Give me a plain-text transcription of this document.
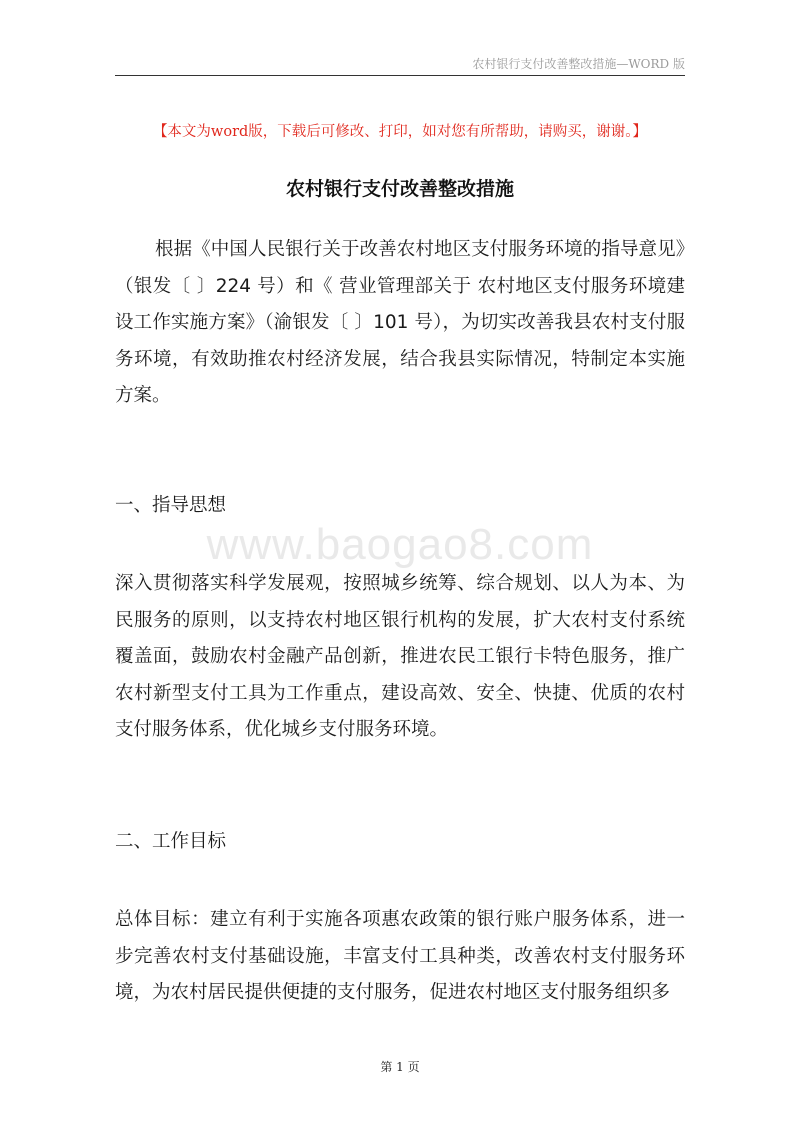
农村银行支付改善整改措施—WORD 版
【本文为word版，下载后可修改、打印，如对您有所帮助，请购买，谢谢。】
农村银行支付改善整改措施
根据《中国人民银行关于改善农村地区支付服务环境的指导意见》（银发〔 〕224 号）和《 营业管理部关于 农村地区支付服务环境建设工作实施方案》（渝银发〔 〕101 号），为切实改善我县农村支付服务环境，有效助推农村经济发展，结合我县实际情况，特制定本实施方案。
一、指导思想
www.baogao8.com
深入贯彻落实科学发展观，按照城乡统筹、综合规划、以人为本、为民服务的原则，以支持农村地区银行机构的发展，扩大农村支付系统覆盖面，鼓励农村金融产品创新，推进农民工银行卡特色服务，推广农村新型支付工具为工作重点，建设高效、安全、快捷、优质的农村支付服务体系，优化城乡支付服务环境。
二、工作目标
总体目标：建立有利于实施各项惠农政策的银行账户服务体系，进一步完善农村支付基础设施，丰富支付工具种类，改善农村支付服务环境，为农村居民提供便捷的支付服务，促进农村地区支付服务组织多
第 1 页
